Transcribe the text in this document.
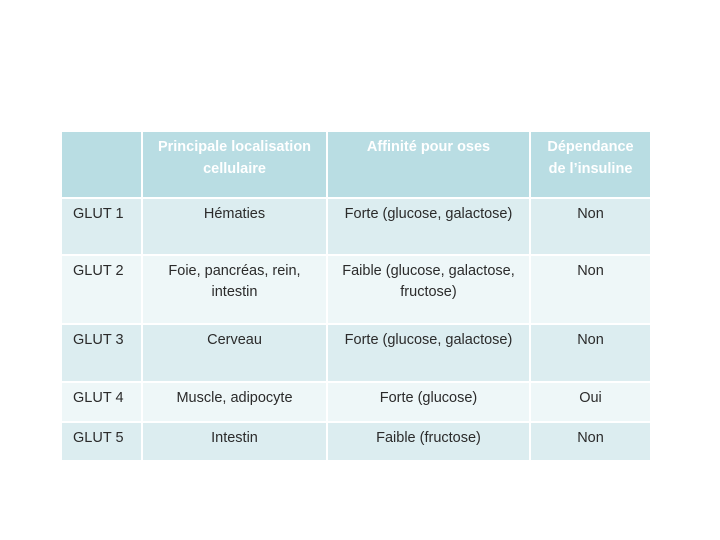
	Principale localisation cellulaire	Affinité pour oses	Dépendance de l’insuline
GLUT 1	Hématies	Forte (glucose, galactose)	Non
GLUT 2	Foie, pancréas, rein, intestin	Faible (glucose, galactose, fructose)	Non
GLUT 3	Cerveau	Forte (glucose, galactose)	Non
GLUT 4	Muscle, adipocyte	Forte (glucose)	Oui
GLUT 5	Intestin	Faible (fructose)	Non
